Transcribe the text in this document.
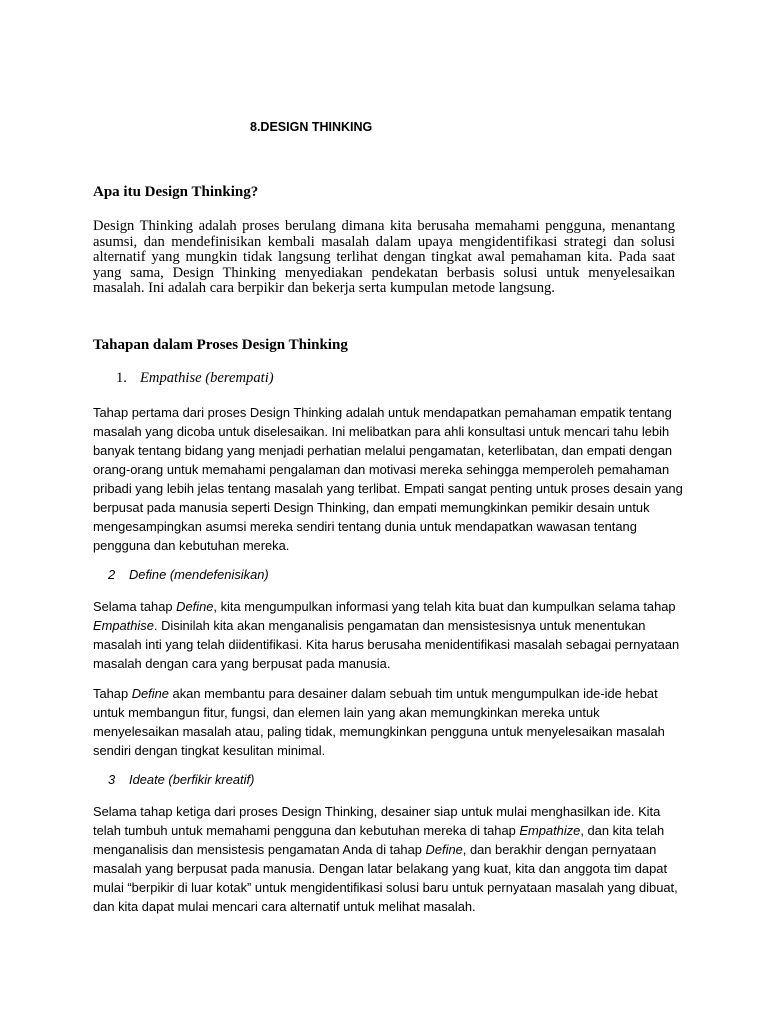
8.DESIGN THINKING
Apa itu Design Thinking?

Design Thinking adalah proses berulang dimana kita berusaha memahami pengguna, menantang asumsi, dan mendefinisikan kembali masalah dalam upaya mengidentifikasi strategi dan solusi alternatif yang mungkin tidak langsung terlihat dengan tingkat awal pemahaman kita. Pada saat yang sama, Design Thinking menyediakan pendekatan berbasis solusi untuk menyelesaikan masalah. Ini adalah cara berpikir dan bekerja serta kumpulan metode langsung.

Tahapan dalam Proses Design Thinking
1. Empathise (berempati)

Tahap pertama dari proses Design Thinking adalah untuk mendapatkan pemahaman empatik tentang masalah yang dicoba untuk diselesaikan. Ini melibatkan para ahli konsultasi untuk mencari tahu lebih banyak tentang bidang yang menjadi perhatian melalui pengamatan, keterlibatan, dan empati dengan orang-orang untuk memahami pengalaman dan motivasi mereka sehingga memperoleh pemahaman pribadi yang lebih jelas tentang masalah yang terlibat. Empati sangat penting untuk proses desain yang berpusat pada manusia seperti Design Thinking, dan empati memungkinkan pemikir desain untuk mengesampingkan asumsi mereka sendiri tentang dunia untuk mendapatkan wawasan tentang pengguna dan kebutuhan mereka.

2 Define (mendefenisikan)

Selama tahap Define, kita mengumpulkan informasi yang telah kita buat dan kumpulkan selama tahap Empathise. Disinilah kita akan menganalisis pengamatan dan mensistesisnya untuk menentukan masalah inti yang telah diidentifikasi. Kita harus berusaha menidentifikasi masalah sebagai pernyataan masalah dengan cara yang berpusat pada manusia.

Tahap Define akan membantu para desainer dalam sebuah tim untuk mengumpulkan ide-ide hebat untuk membangun fitur, fungsi, dan elemen lain yang akan memungkinkan mereka untuk menyelesaikan masalah atau, paling tidak, memungkinkan pengguna untuk menyelesaikan masalah sendiri dengan tingkat kesulitan minimal.

3 Ideate (berfikir kreatif)

Selama tahap ketiga dari proses Design Thinking, desainer siap untuk mulai menghasilkan ide. Kita telah tumbuh untuk memahami pengguna dan kebutuhan mereka di tahap Empathize, dan kita telah menganalisis dan mensistesis pengamatan Anda di tahap Define, dan berakhir dengan pernyataan masalah yang berpusat pada manusia. Dengan latar belakang yang kuat, kita dan anggota tim dapat mulai “berpikir di luar kotak” untuk mengidentifikasi solusi baru untuk pernyataan masalah yang dibuat, dan kita dapat mulai mencari cara alternatif untuk melihat masalah.
